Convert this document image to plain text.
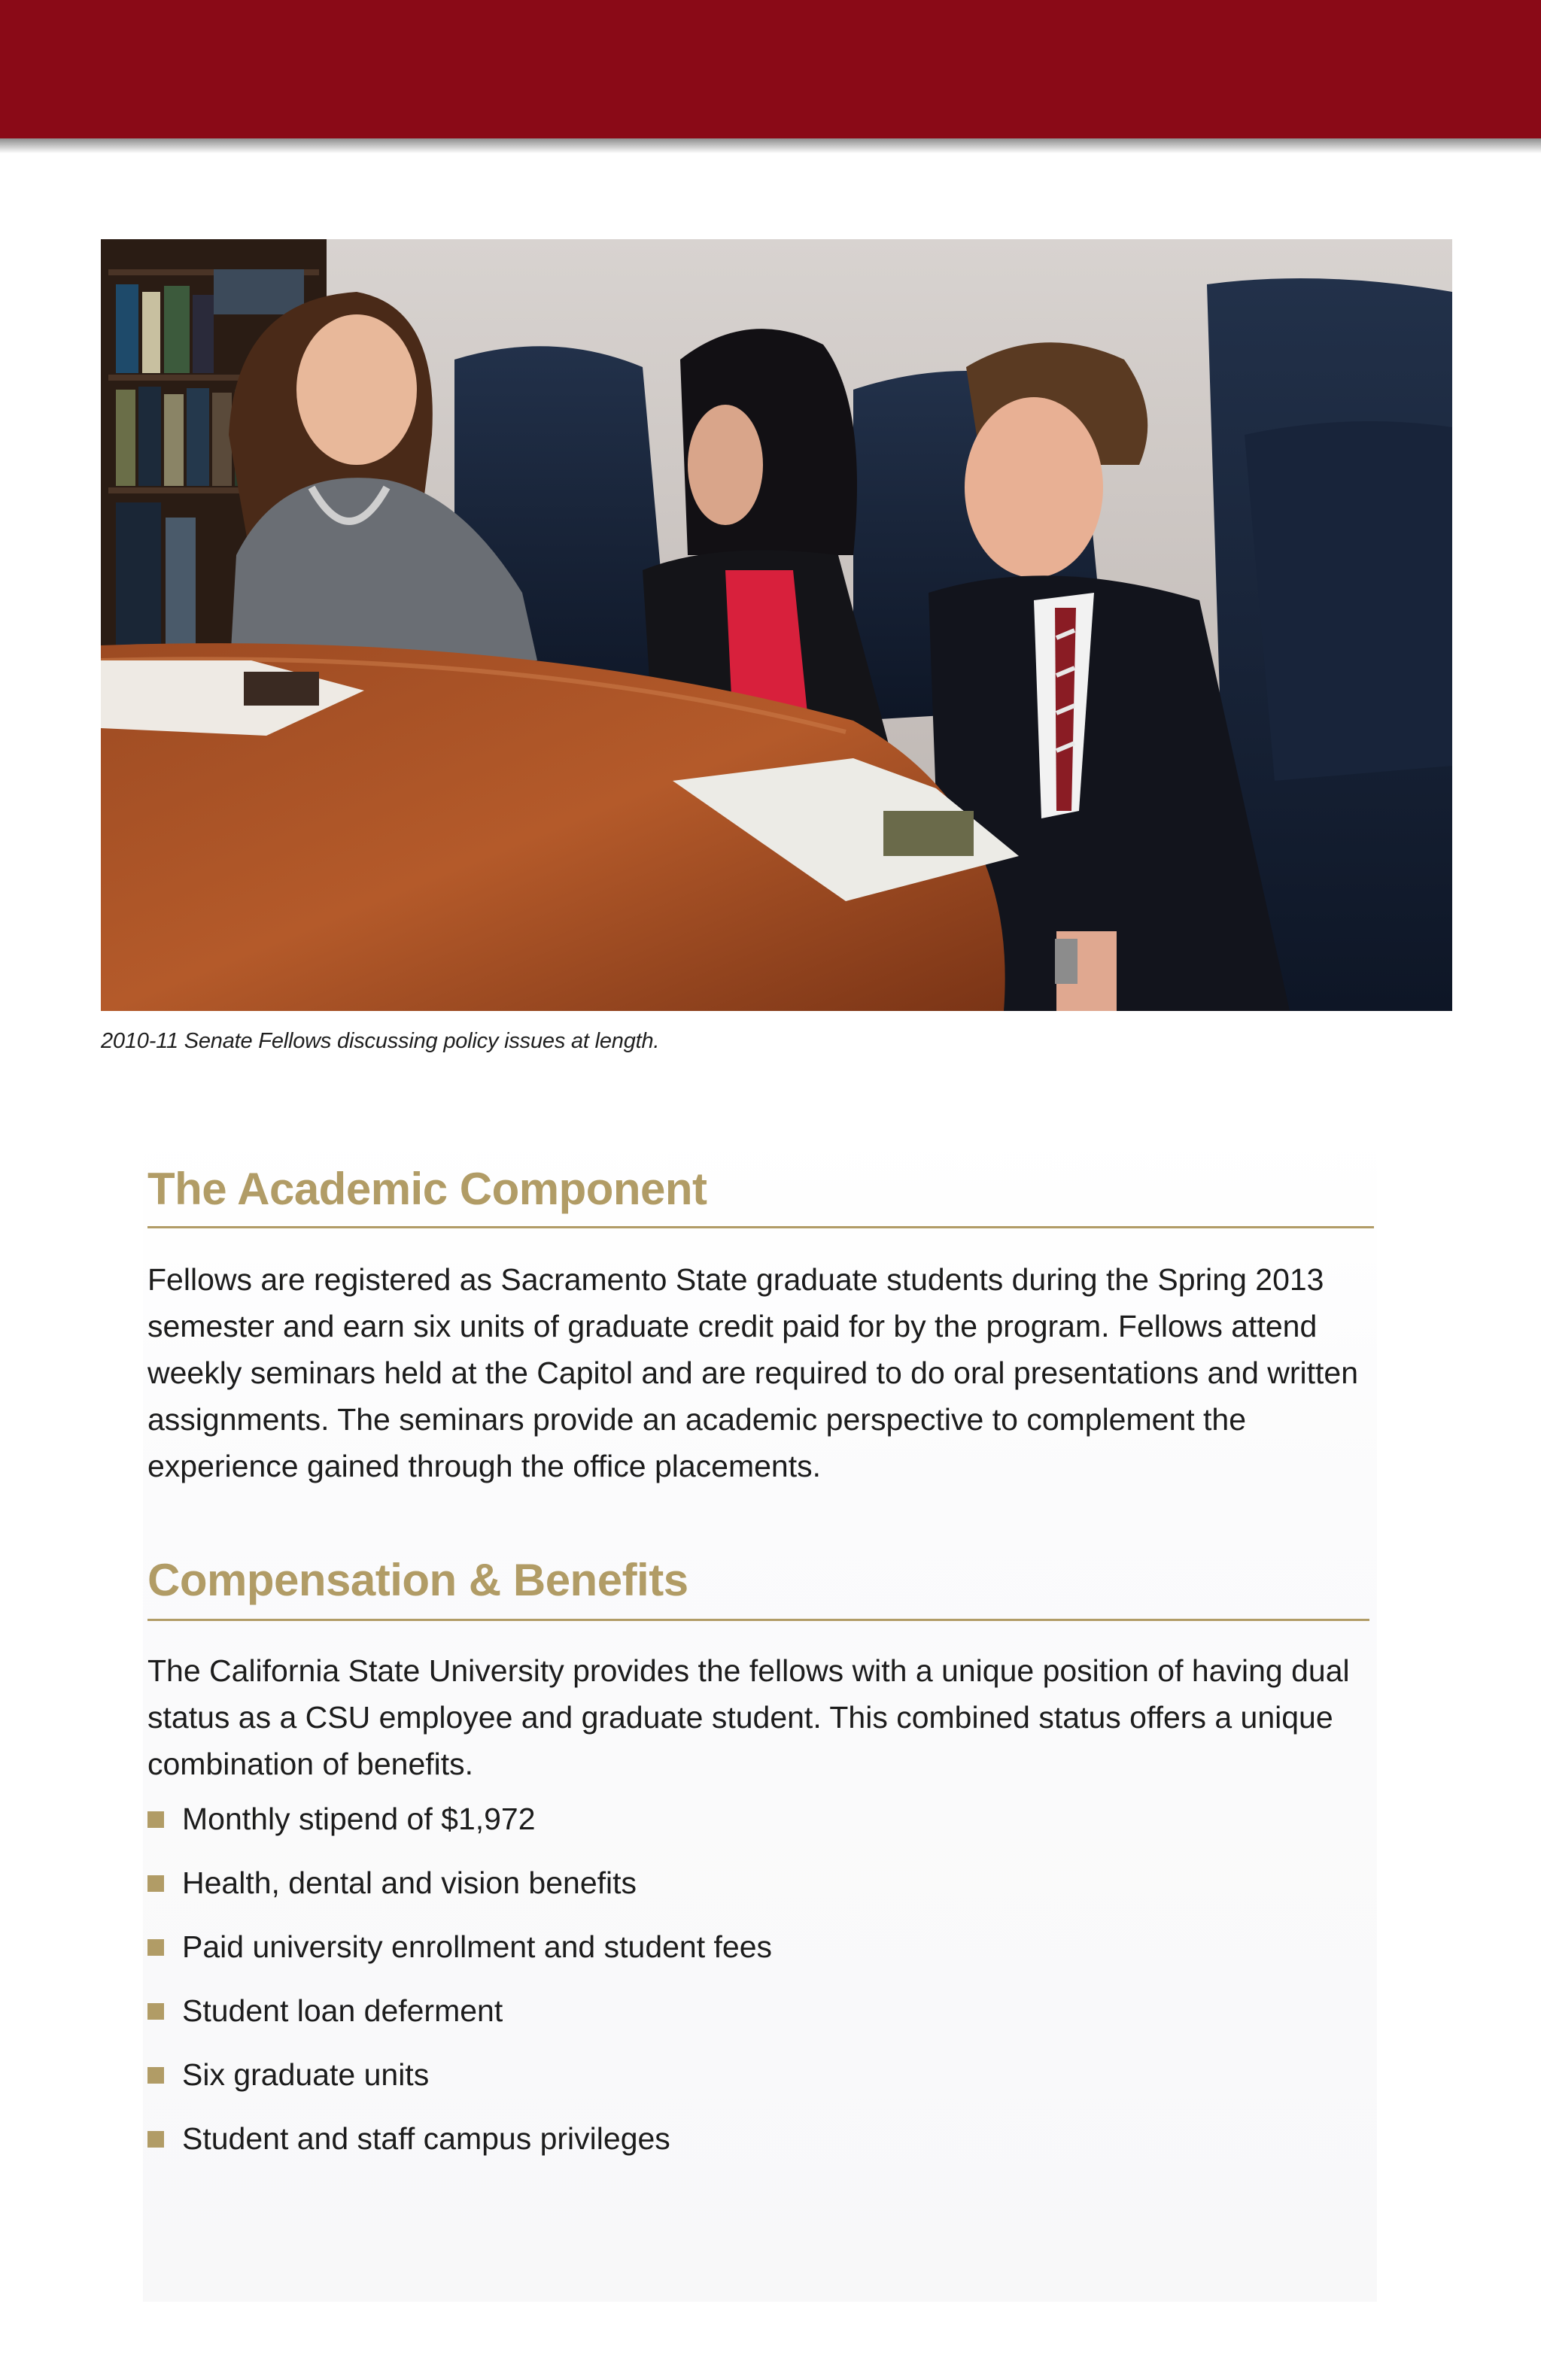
2010-11 Senate Fellows discussing policy issues at length.
The Academic Component

Fellows are registered as Sacramento State graduate students during the Spring 2013 semester and earn six units of graduate credit paid for by the program. Fellows attend weekly seminars held at the Capitol and are required to do oral presentations and written assignments. The seminars provide an academic perspective to complement the experience gained through the office placements.

Compensation & Benefits

The California State University provides the fellows with a unique position of having dual status as a CSU employee and graduate student. This combined status offers a unique combination of benefits.

Monthly stipend of $1,972
Health, dental and vision benefits
Paid university enrollment and student fees
Student loan deferment
Six graduate units
Student and staff campus privileges
